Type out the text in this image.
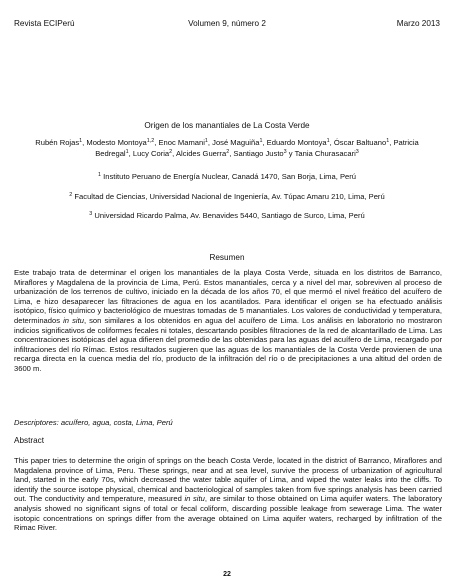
Revista ECIPerú	Volumen 9, número 2	Marzo 2013
Origen de los manantiales de La Costa Verde
Rubén Rojas$^1$, Modesto Montoya$^{1,2}$, Enoc Mamani$^1$, José Maguiña$^1$, Eduardo Montoya$^1$, Óscar Baltuano$^1$, Patricia Bedregal$^1$, Lucy Coria$^2$, Alcides Guerra$^2$, Santiago Justo$^3$ y Tania Churasacari$^3$
$^1$ Instituto Peruano de Energía Nuclear, Canadá 1470, San Borja, Lima, Perú
$^2$ Facultad de Ciencias, Universidad Nacional de Ingeniería, Av. Túpac Amaru 210, Lima, Perú
$^3$ Universidad Ricardo Palma, Av. Benavides 5440, Santiago de Surco, Lima, Perú
Resumen
Este trabajo trata de determinar el origen los manantiales de la playa Costa Verde, situada en los distritos de Barranco, Miraflores y Magdalena de la provincia de Lima, Perú. Estos manantiales, cerca y a nivel del mar, sobreviven al proceso de urbanización de los terrenos de cultivo, iniciado en la década de los años 70, el que mermó el nivel freático del acuífero de Lima, e hizo desaparecer las filtraciones de agua en los acantilados. Para identificar el origen se ha efectuado análisis isotópico, físico químico y bacteriológico de muestras tomadas de 5 manantiales. Los valores de conductividad y temperatura, determinados in situ, son similares a los obtenidos en agua del acuífero de Lima. Los análisis en laboratorio no mostraron indicios significativos de coliformes fecales ni totales, descartando posibles filtraciones de la red de alcantarillado de Lima. Las concentraciones isotópicas del agua difieren del promedio de las obtenidas para las aguas del acuífero de Lima, recargado por infiltraciones del río Rímac. Estos resultados sugieren que las aguas de los manantiales de la Costa Verde provienen de una recarga directa en la cuenca media del río, producto de la infiltración del río o de precipitaciones a una altitud del orden de 3600 m.
Descriptores: acuífero, agua, costa, Lima, Perú
Abstract
This paper tries to determine the origin of springs on the beach Costa Verde, located in the district of Barranco, Miraflores and Magdalena province of Lima, Peru. These springs, near and at sea level, survive the process of urbanization of agricultural land, started in the early 70s, which decreased the water table aquifer of Lima, and wiped the water leaks into the cliffs. To identify the source isotope physical, chemical and bacteriological of samples taken from five springs analysis has been carried out. The conductivity and temperature, measured in situ, are similar to those obtained on Lima aquifer waters. The laboratory analysis showed no significant signs of total or fecal coliform, discarding possible leakage from sewerage Lima. The water isotopic concentrations on springs differ from the average obtained on Lima aquifer waters, recharged by infiltration of the Rimac River.
22
